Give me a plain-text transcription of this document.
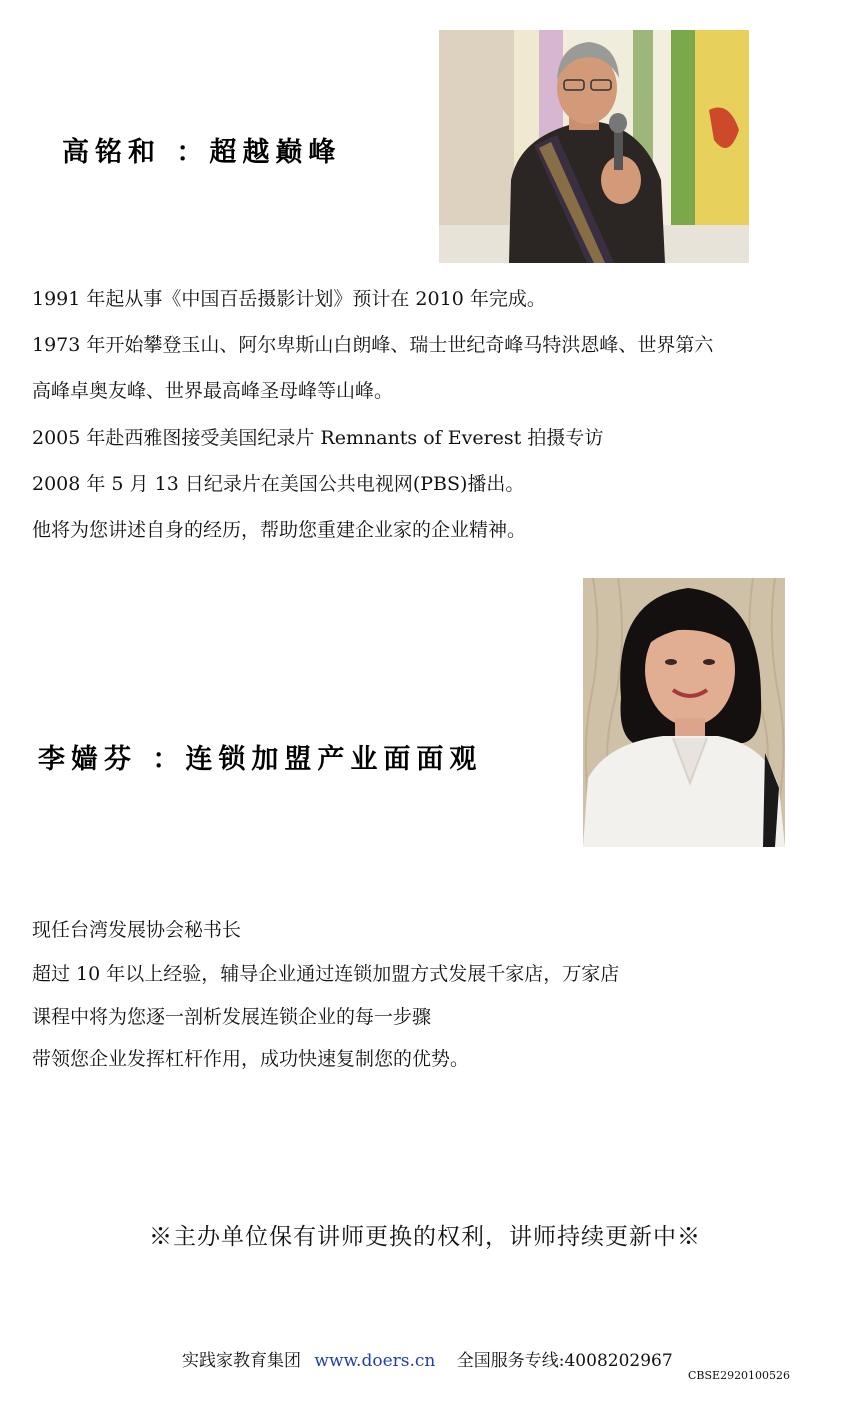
高铭和 ：超越巅峰
1991 年起从事《中国百岳摄影计划》预计在 2010 年完成。
1973 年开始攀登玉山、阿尔卑斯山白朗峰、瑞士世纪奇峰马特洪恩峰、世界第六
高峰卓奥友峰、世界最高峰圣母峰等山峰。
2005 年赴西雅图接受美国纪录片 Remnants of Everest 拍摄专访
2008 年 5 月 13 日纪录片在美国公共电视网(PBS)播出。
他将为您讲述自身的经历，帮助您重建企业家的企业精神。
李嫱芬 ：连锁加盟产业面面观
现任台湾发展协会秘书长
超过 10 年以上经验，辅导企业通过连锁加盟方式发展千家店，万家店
课程中将为您逐一剖析发展连锁企业的每一步骤
带领您企业发挥杠杆作用，成功快速复制您的优势。
※主办单位保有讲师更换的权利，讲师持续更新中※
实践家教育集团 www.doers.cn 全国服务专线:4008202967
CBSE2920100526
